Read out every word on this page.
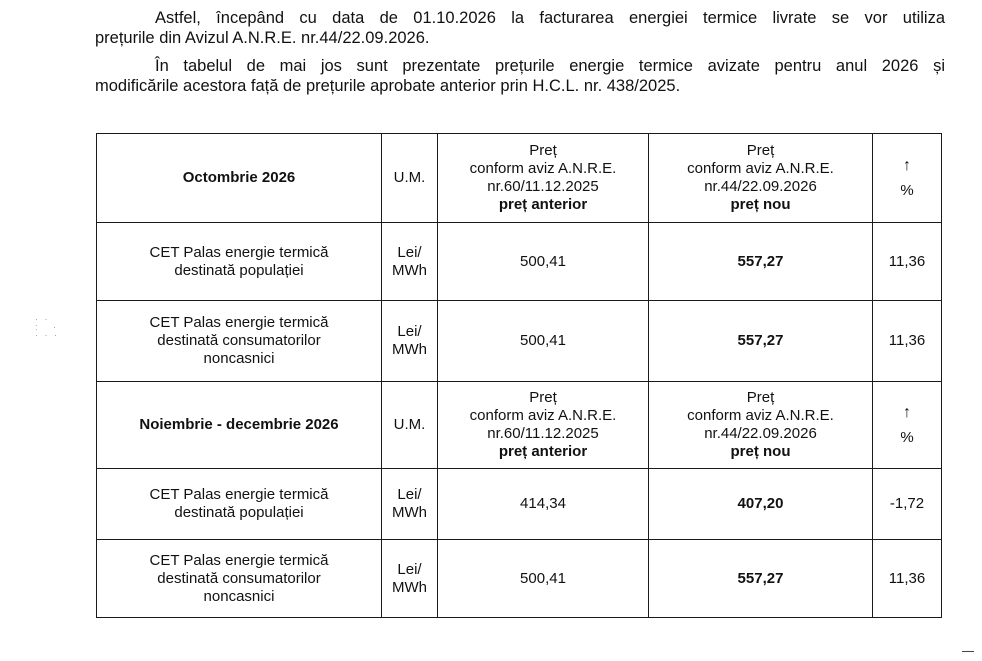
Astfel, începând cu data de 01.10.2026 la facturarea energiei termice livrate se vor utiliza
prețurile din Avizul A.N.R.E. nr.44/22.09.2026.

În tabelul de mai jos sunt prezentate prețurile energie termice avizate pentru anul 2026 și
modificările acestora față de prețurile aprobate anterior prin H.C.L. nr. 438/2025.

· ·
:   ·
· · ·
Octombrie 2026	U.M.	Preț
conform aviz A.N.R.E.
nr.60/11.12.2025
preț anterior	Preț
conform aviz A.N.R.E.
nr.44/22.09.2026
preț nou	↑
%

CET Palas energie termică
destinată populației	Lei/
MWh	500,41	557,27	11,36

CET Palas energie termică
destinată consumatorilor
noncasnici	Lei/
MWh	500,41	557,27	11,36
Noiembrie - decembrie 2026	U.M.	Preț
conform aviz A.N.R.E.
nr.60/11.12.2025
preț anterior	Preț
conform aviz A.N.R.E.
nr.44/22.09.2026
preț nou	↑
%

CET Palas energie termică
destinată populației	Lei/
MWh	414,34	407,20	-1,72

CET Palas energie termică
destinată consumatorilor
noncasnici	Lei/
MWh	500,41	557,27	11,36
